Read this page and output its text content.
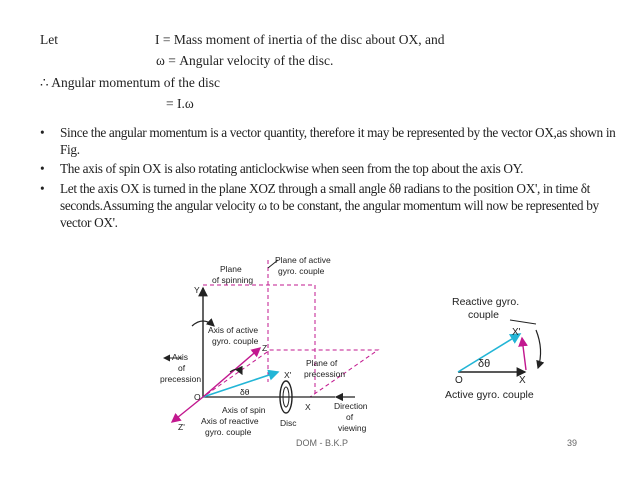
Let	I = Mass moment of inertia of the disc about OX, and
ω = Angular velocity of the disc.
∴ Angular momentum of the disc
= I.ω
• Since the angular momentum is a vector quantity, therefore it may be represented by the vector OX,as shown in Fig.
• The axis of spin OX is also rotating anticlockwise when seen from the top about the axis OY.
• Let the axis OX is turned in the plane XOZ through a small angle δθ radians to the position OX', in time δt seconds.Assuming the angular velocity ω to be constant, the angular momentum will now be represented by vector OX'.
Plane of active
gyro. couple
Plane
of spinning
Y
Axis of active
gyro. couple
Z
Axis
of
precession
Plane of
precession
X'
δθ
O
X
Axis of spin
Axis of reactive
gyro. couple
Z'	Disc
Direction
of
viewing
Reactive gyro.
couple
X'
δθ
O	X
Active gyro. couple
DOM - B.K.P	39
